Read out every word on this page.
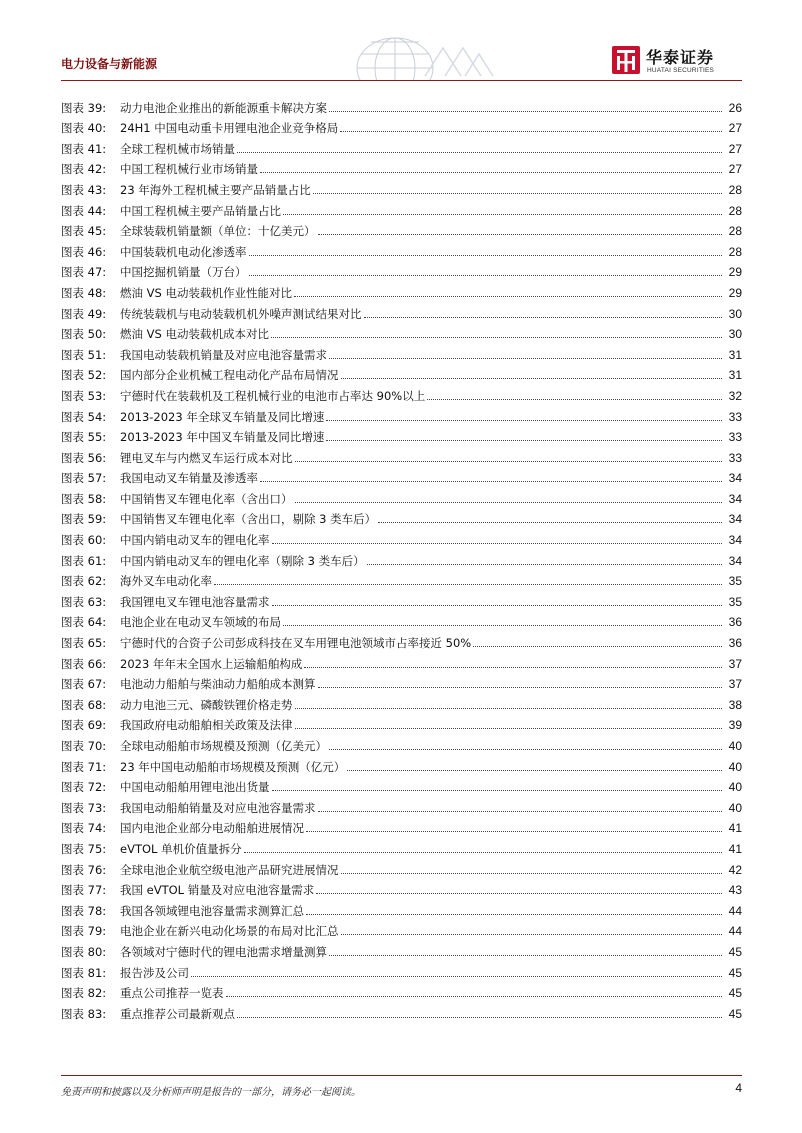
电力设备与新能源	华泰证券
HUATAI SECURITIES
图表 39:	动力电池企业推出的新能源重卡解决方案	26
图表 40:	24H1 中国电动重卡用锂电池企业竞争格局	27
图表 41:	全球工程机械市场销量	27
图表 42:	中国工程机械行业市场销量	27
图表 43:	23 年海外工程机械主要产品销量占比	28
图表 44:	中国工程机械主要产品销量占比	28
图表 45:	全球装载机销量额（单位：十亿美元）	28
图表 46:	中国装载机电动化渗透率	28
图表 47:	中国挖掘机销量（万台）	29
图表 48:	燃油 VS 电动装载机作业性能对比	29
图表 49:	传统装载机与电动装载机机外噪声测试结果对比	30
图表 50:	燃油 VS 电动装载机成本对比	30
图表 51:	我国电动装载机销量及对应电池容量需求	31
图表 52:	国内部分企业机械工程电动化产品布局情况	31
图表 53:	宁德时代在装载机及工程机械行业的电池市占率达 90%以上	32
图表 54:	2013-2023 年全球叉车销量及同比增速	33
图表 55:	2013-2023 年中国叉车销量及同比增速	33
图表 56:	锂电叉车与内燃叉车运行成本对比	33
图表 57:	我国电动叉车销量及渗透率	34
图表 58:	中国销售叉车锂电化率（含出口）	34
图表 59:	中国销售叉车锂电化率（含出口，剔除 3 类车后）	34
图表 60:	中国内销电动叉车的锂电化率	34
图表 61:	中国内销电动叉车的锂电化率（剔除 3 类车后）	34
图表 62:	海外叉车电动化率	35
图表 63:	我国锂电叉车锂电池容量需求	35
图表 64:	电池企业在电动叉车领域的布局	36
图表 65:	宁德时代的合资子公司彭成科技在叉车用锂电池领域市占率接近 50%	36
图表 66:	2023 年年末全国水上运输船舶构成	37
图表 67:	电池动力船舶与柴油动力船舶成本测算	37
图表 68:	动力电池三元、磷酸铁锂价格走势	38
图表 69:	我国政府电动船舶相关政策及法律	39
图表 70:	全球电动船舶市场规模及预测（亿美元）	40
图表 71:	23 年中国电动船舶市场规模及预测（亿元）	40
图表 72:	中国电动船舶用锂电池出货量	40
图表 73:	我国电动船舶销量及对应电池容量需求	40
图表 74:	国内电池企业部分电动船舶进展情况	41
图表 75:	eVTOL 单机价值量拆分	41
图表 76:	全球电池企业航空级电池产品研究进展情况	42
图表 77:	我国 eVTOL 销量及对应电池容量需求	43
图表 78:	我国各领域锂电池容量需求测算汇总	44
图表 79:	电池企业在新兴电动化场景的布局对比汇总	44
图表 80:	各领域对宁德时代的锂电池需求增量测算	45
图表 81:	报告涉及公司	45
图表 82:	重点公司推荐一览表	45
图表 83:	重点推荐公司最新观点	45
免责声明和披露以及分析师声明是报告的一部分，请务必一起阅读。	4
